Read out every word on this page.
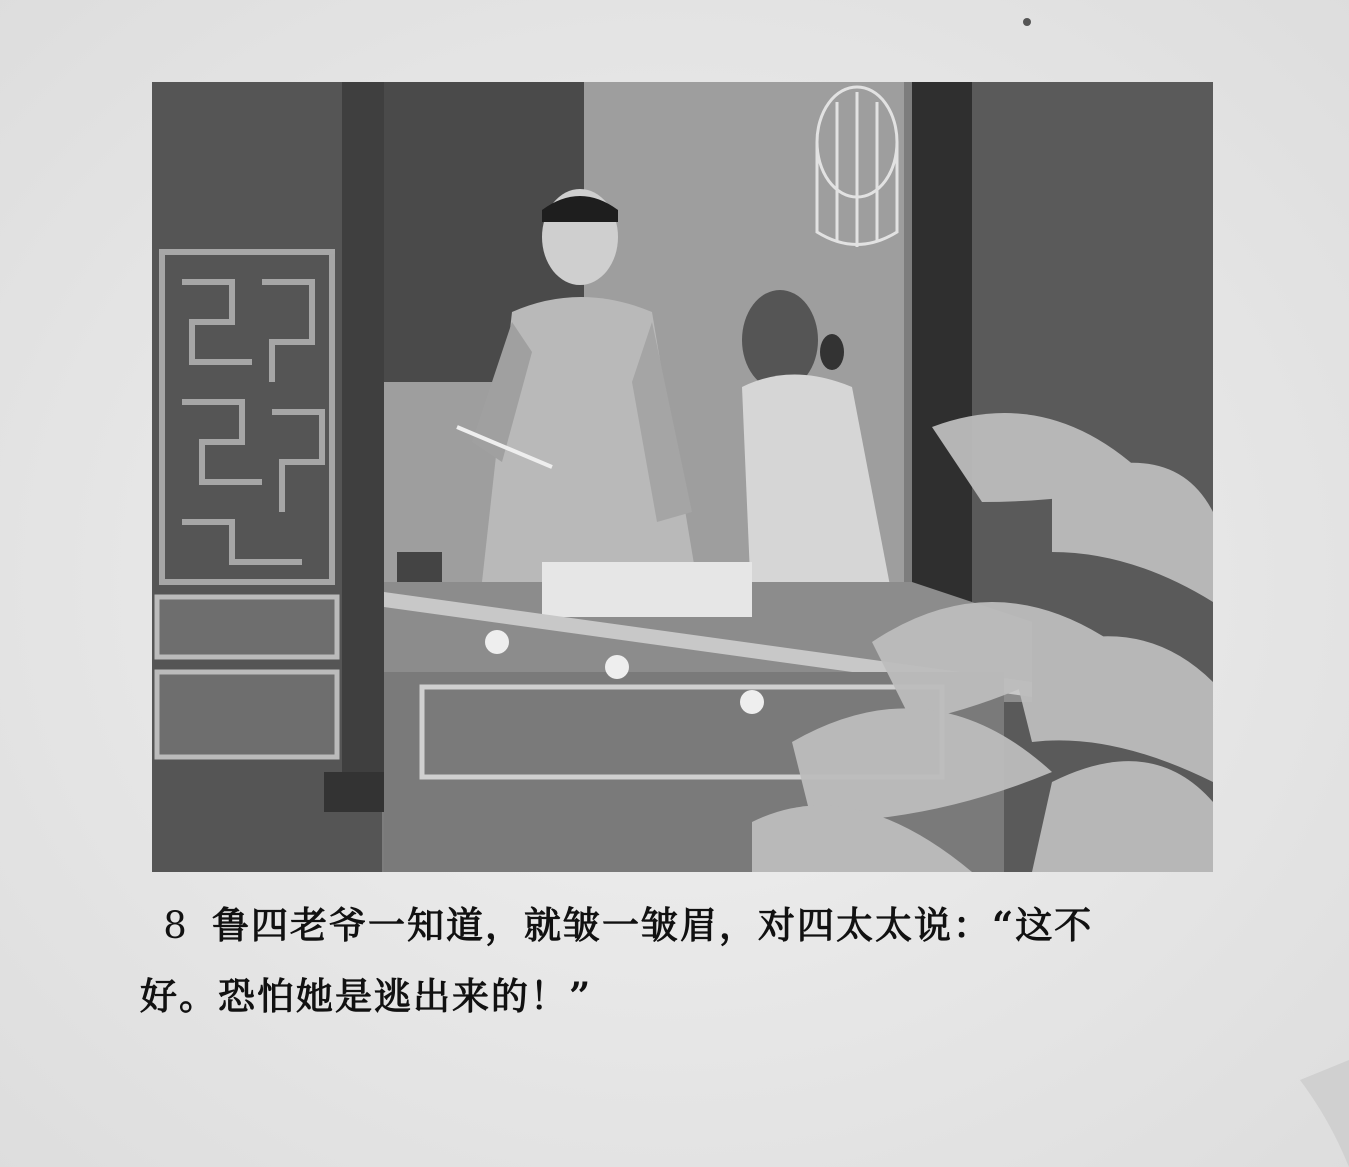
8 鲁四老爷一知道，就皱一皱眉，对四太太说：“这不
好。恐怕她是逃出来的！”
